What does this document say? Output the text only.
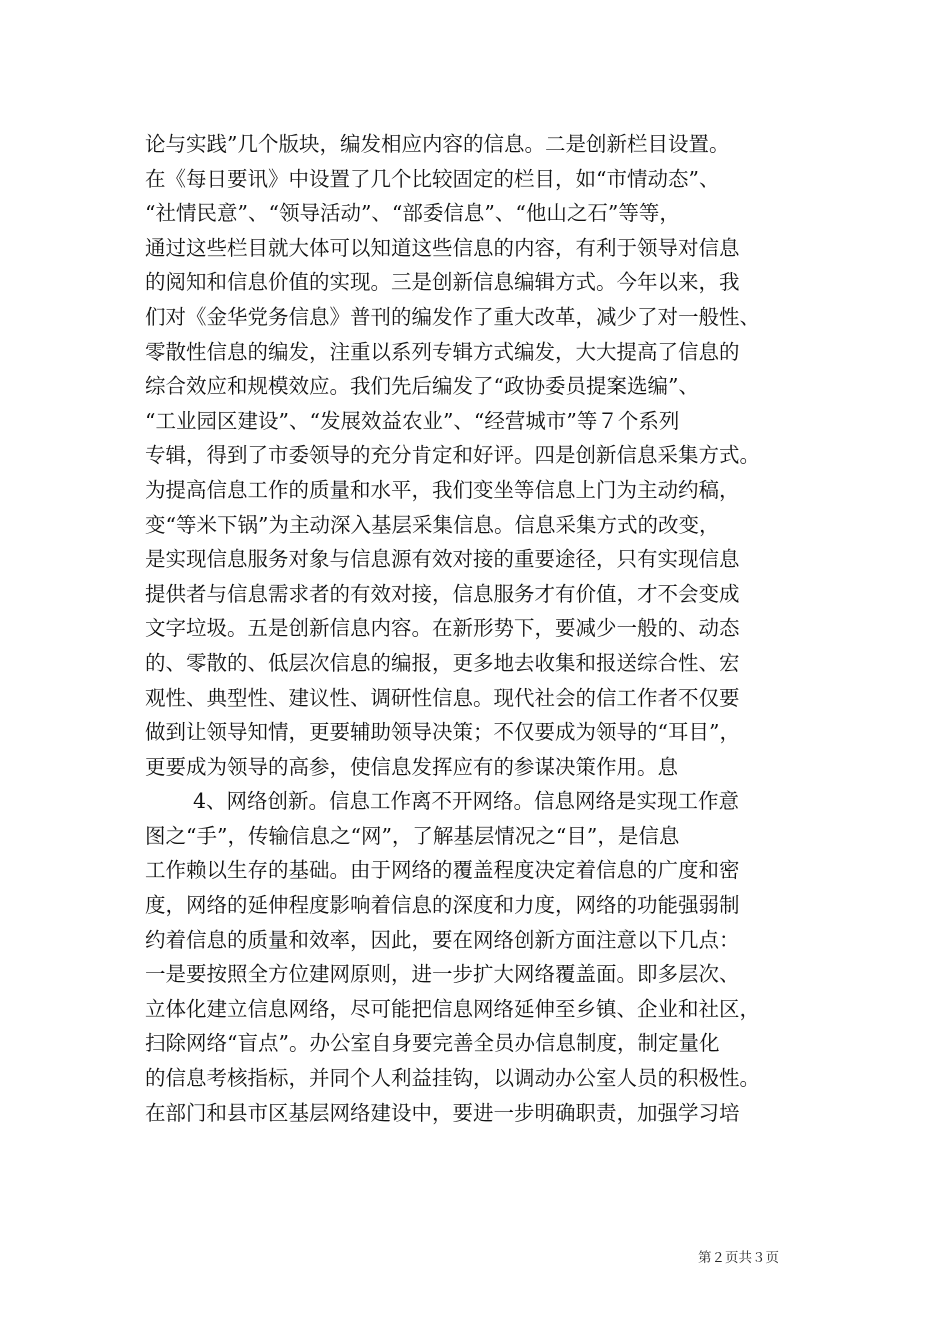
论与实践”几个版块，编发相应内容的信息。二是创新栏目设置。
在《每日要讯》中设置了几个比较固定的栏目，如“市情动态”、
“社情民意”、“领导活动”、“部委信息”、“他山之石”等等，
通过这些栏目就大体可以知道这些信息的内容，有利于领导对信息
的阅知和信息价值的实现。三是创新信息编辑方式。今年以来，我
们对《金华党务信息》普刊的编发作了重大改革，减少了对一般性、
零散性信息的编发，注重以系列专辑方式编发，大大提高了信息的
综合效应和规模效应。我们先后编发了“政协委员提案选编”、
“工业园区建设”、“发展效益农业”、“经营城市”等７个系列
专辑，得到了市委领导的充分肯定和好评。四是创新信息采集方式。
为提高信息工作的质量和水平，我们变坐等信息上门为主动约稿，
变“等米下锅”为主动深入基层采集信息。信息采集方式的改变，
是实现信息服务对象与信息源有效对接的重要途径，只有实现信息
提供者与信息需求者的有效对接，信息服务才有价值，才不会变成
文字垃圾。五是创新信息内容。在新形势下，要减少一般的、动态
的、零散的、低层次信息的编报，更多地去收集和报送综合性、宏
观性、典型性、建议性、调研性信息。现代社会的信工作者不仅要
做到让领导知情，更要辅助领导决策；不仅要成为领导的“耳目”，
更要成为领导的高参，使信息发挥应有的参谋决策作用。息
4、网络创新。信息工作离不开网络。信息网络是实现工作意
图之“手”，传输信息之“网”，了解基层情况之“目”，是信息
工作赖以生存的基础。由于网络的覆盖程度决定着信息的广度和密
度，网络的延伸程度影响着信息的深度和力度，网络的功能强弱制
约着信息的质量和效率，因此，要在网络创新方面注意以下几点：
一是要按照全方位建网原则，进一步扩大网络覆盖面。即多层次、
立体化建立信息网络，尽可能把信息网络延伸至乡镇、企业和社区，
扫除网络“盲点”。办公室自身要完善全员办信息制度，制定量化
的信息考核指标，并同个人利益挂钩，以调动办公室人员的积极性。
在部门和县市区基层网络建设中，要进一步明确职责，加强学习培
第２页共３页
